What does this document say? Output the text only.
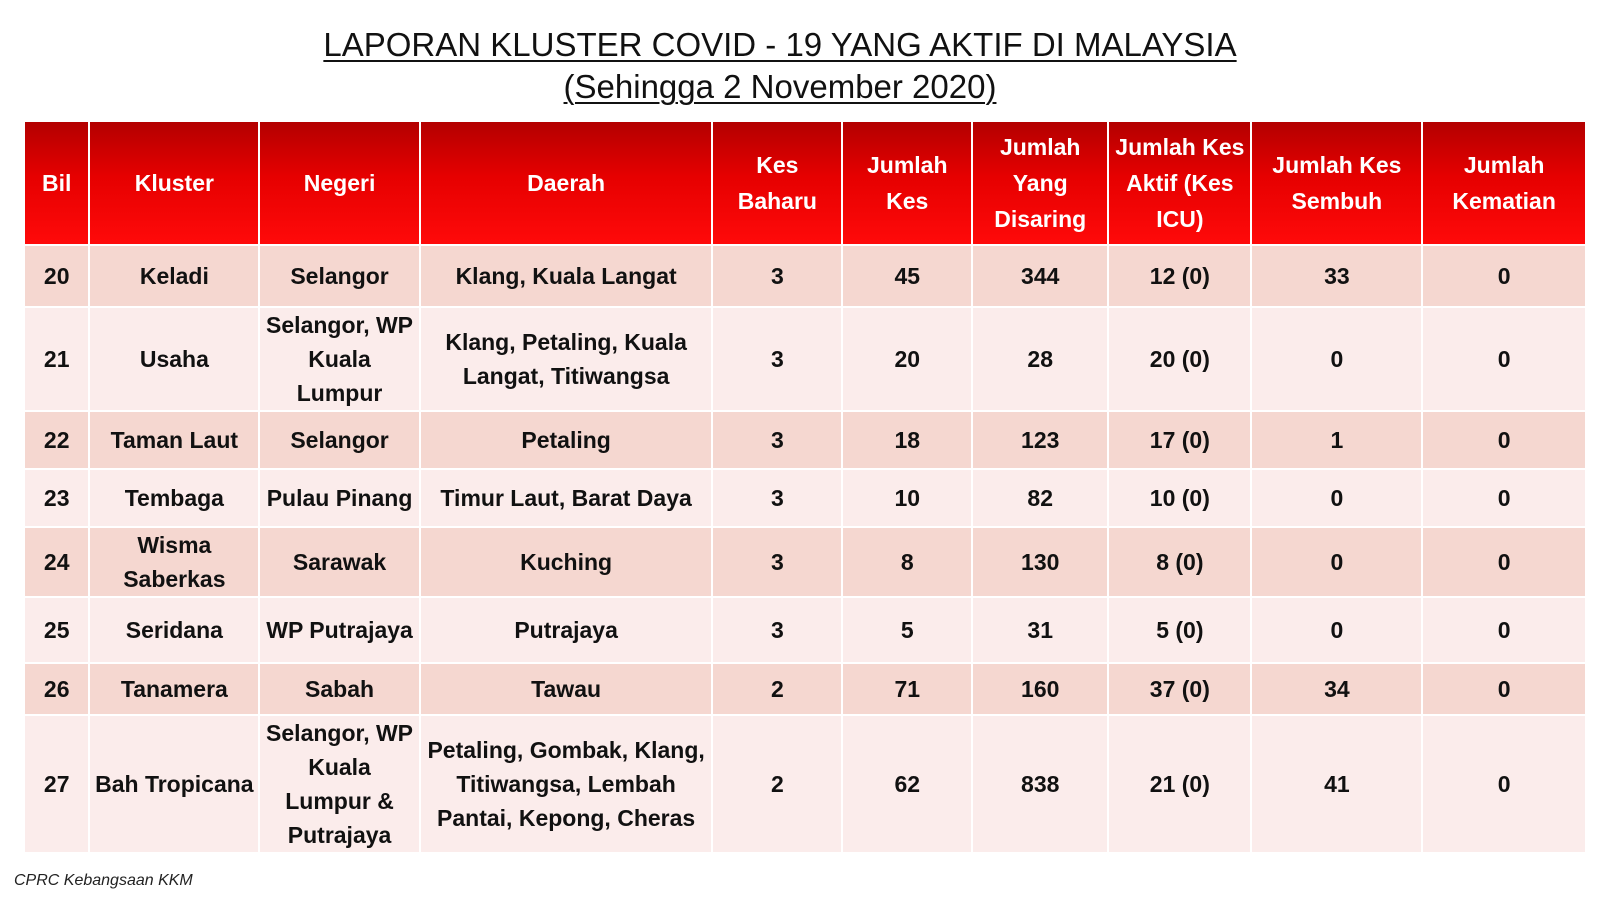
LAPORAN KLUSTER COVID - 19 YANG AKTIF DI MALAYSIA
(Sehingga 2 November 2020)
Bil	Kluster	Negeri	Daerah	Kes Baharu	Jumlah Kes	Jumlah Yang Disaring	Jumlah Kes Aktif (Kes ICU)	Jumlah Kes Sembuh	Jumlah Kematian
20	Keladi	Selangor	Klang, Kuala Langat	3	45	344	12 (0)	33	0
21	Usaha	Selangor, WP Kuala Lumpur	Klang, Petaling, Kuala Langat, Titiwangsa	3	20	28	20 (0)	0	0
22	Taman Laut	Selangor	Petaling	3	18	123	17 (0)	1	0
23	Tembaga	Pulau Pinang	Timur Laut, Barat Daya	3	10	82	10 (0)	0	0
24	Wisma Saberkas	Sarawak	Kuching	3	8	130	8 (0)	0	0
25	Seridana	WP Putrajaya	Putrajaya	3	5	31	5 (0)	0	0
26	Tanamera	Sabah	Tawau	2	71	160	37 (0)	34	0
27	Bah Tropicana	Selangor, WP Kuala Lumpur & Putrajaya	Petaling, Gombak, Klang, Titiwangsa, Lembah Pantai, Kepong, Cheras	2	62	838	21 (0)	41	0
CPRC Kebangsaan KKM
